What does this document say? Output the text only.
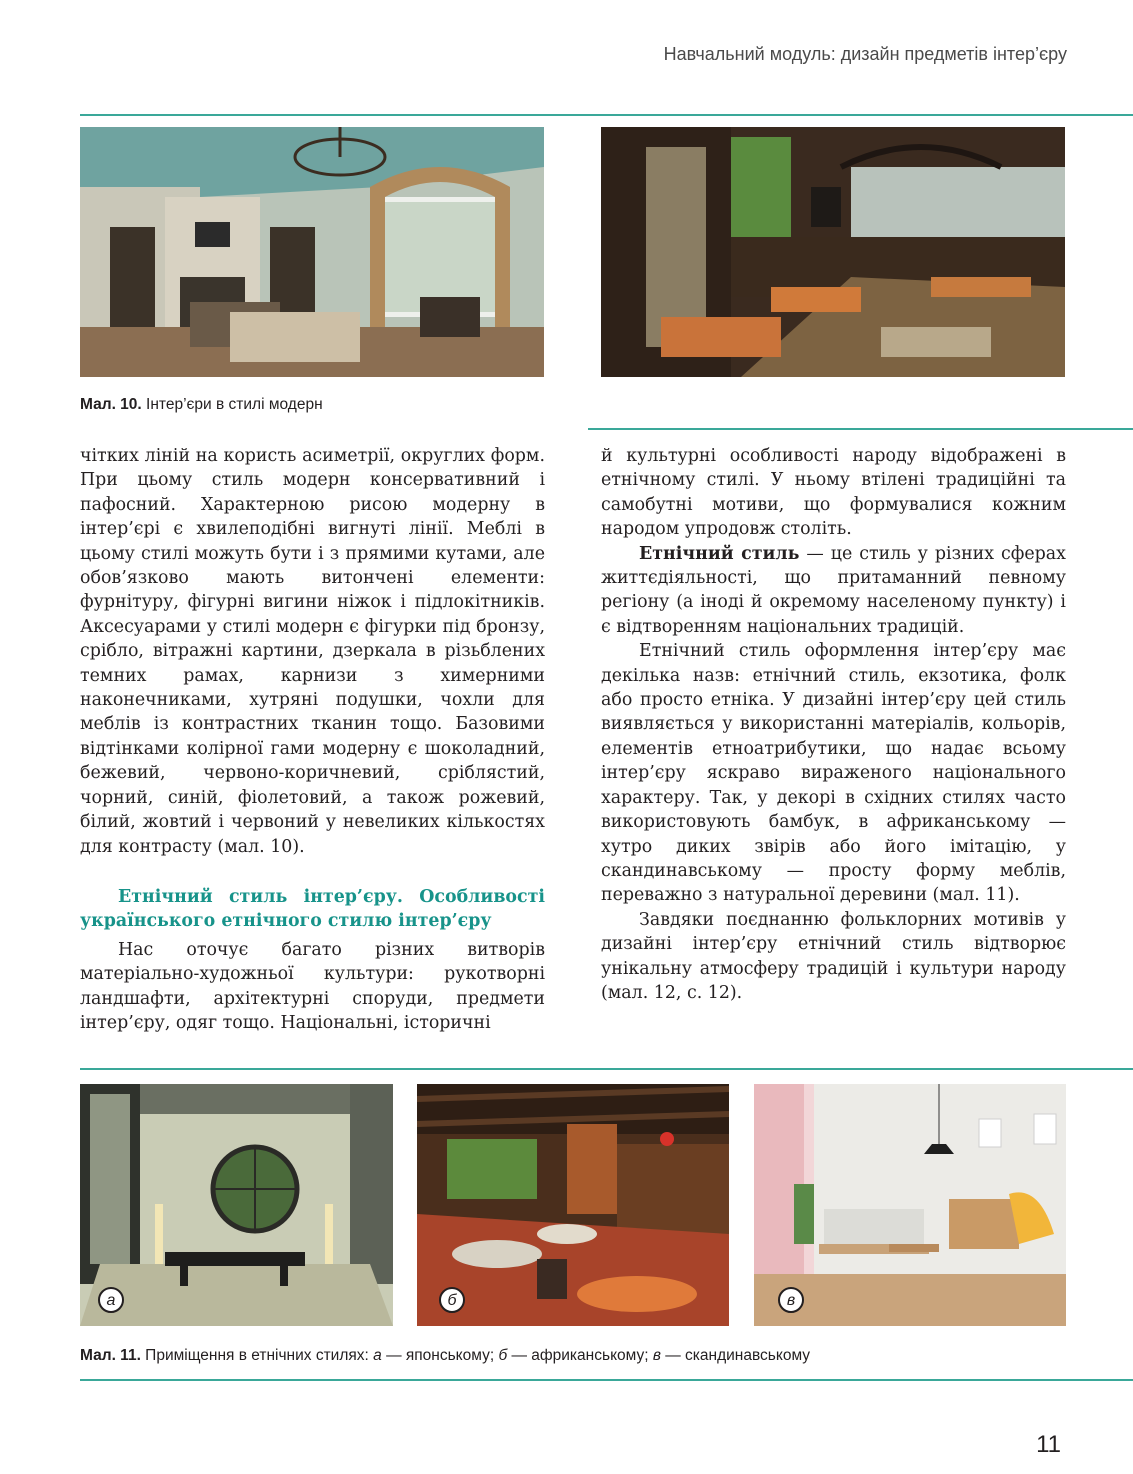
Навчальний модуль: дизайн предметів інтер’єру
Мал. 10. Інтер’єри в стилі модерн

чітких ліній на користь асиметрії, округлих форм. При цьому стиль модерн консервативний і пафосний. Характерною рисою модерну в інтер’єрі є хвилеподібні вигнуті лінії. Меблі в цьому стилі можуть бути і з прямими кутами, але обов’язково мають витончені елементи: фурнітуру, фігурні вигини ніжок і підлокітників. Аксесуарами у стилі модерн є фігурки під бронзу, срібло, вітражні картини, дзеркала в різьблених темних рамах, карнизи з химерними наконечниками, хутряні подушки, чохли для меблів із контрастних тканин тощо. Базовими відтінками колірної гами модерну є шоколадний, бежевий, червоно-коричневий, сріблястий, чорний, синій, фіолетовий, а також рожевий, білий, жовтий і червоний у невеликих кількостях для контрасту (мал. 10).

Етнічний стиль інтер’єру. Особливості українського етнічного стилю інтер’єру

Нас оточує багато різних витворів матеріально-художньої культури: рукотворні ландшафти, архітектурні споруди, предмети інтер’єру, одяг тощо. Національні, історичні

й культурні особливості народу відображені в етнічному стилі. У ньому втілені традиційні та самобутні мотиви, що формувалися кожним народом упродовж століть.

Етнічний стиль — це стиль у різних сферах життєдіяльності, що притаманний певному регіону (а іноді й окремому населеному пункту) і є відтворенням національних традицій.

Етнічний стиль оформлення інтер’єру має декілька назв: етнічний стиль, екзотика, фолк або просто етніка. У дизайні інтер’єру цей стиль виявляється у використанні матеріалів, кольорів, елементів етноатрибутики, що надає всьому інтер’єру яскраво вираженого національного характеру. Так, у декорі в східних стилях часто використовують бамбук, в африканському — хутро диких звірів або його імітацію, у скандинавському — просту форму меблів, переважно з натуральної деревини (мал. 11).

Завдяки поєднанню фольклорних мотивів у дизайні інтер’єру етнічний стиль відтворює унікальну атмосферу традицій і культури народу (мал. 12, с. 12).

а	б	в
Мал. 11. Приміщення в етнічних стилях: а — японському; б — африканському; в — скандинавському
11
